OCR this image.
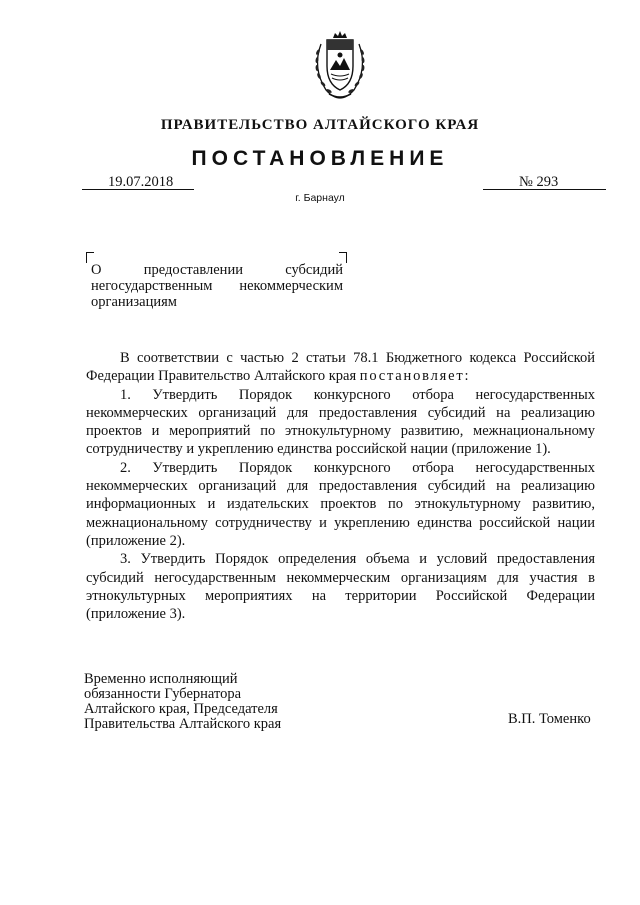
ПРАВИТЕЛЬСТВО АЛТАЙСКОГО КРАЯ
ПОСТАНОВЛЕНИЕ
19.07.2018	№ 293
г. Барнаул
О предоставлении субсидий негосударственным некоммерческим организациям

В соответствии с частью 2 статьи 78.1 Бюджетного кодекса Российской Федерации Правительство Алтайского края постановляет:

1. Утвердить Порядок конкурсного отбора негосударственных некоммерческих организаций для предоставления субсидий на реализацию проектов и мероприятий по этнокультурному развитию, межнациональному сотрудничеству и укреплению единства российской нации (приложение 1).

2. Утвердить Порядок конкурсного отбора негосударственных некоммерческих организаций для предоставления субсидий на реализацию информационных и издательских проектов по этнокультурному развитию, межнациональному сотрудничеству и укреплению единства российской нации (приложение 2).

3. Утвердить Порядок определения объема и условий предоставления субсидий негосударственным некоммерческим организациям для участия в этнокультурных мероприятиях на территории Российской Федерации (приложение 3).

Временно исполняющий
обязанности Губернатора
Алтайского края, Председателя
Правительства Алтайского края	В.П. Томенко
